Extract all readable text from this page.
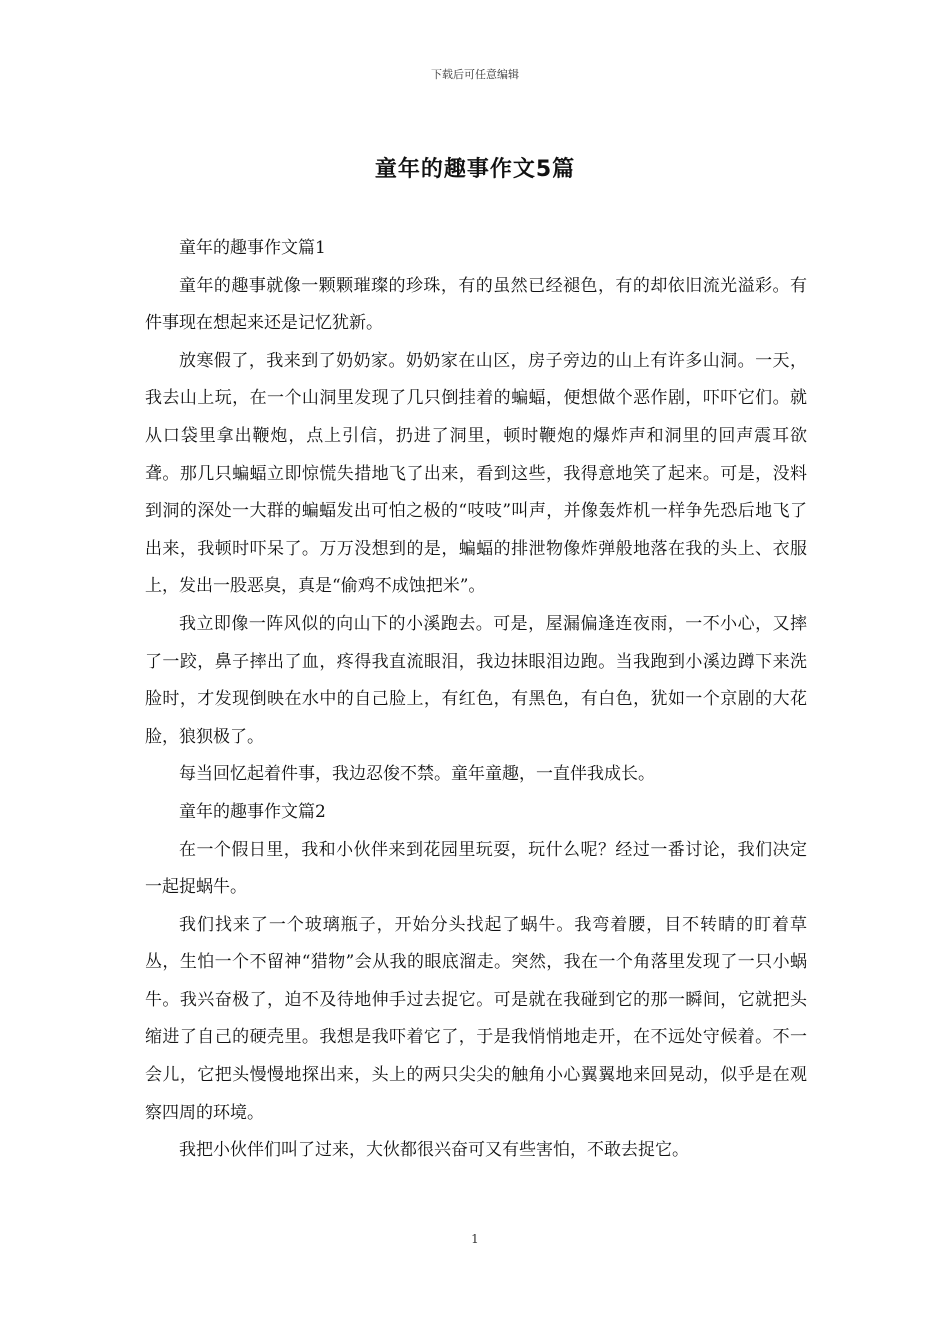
下载后可任意编辑
童年的趣事作文5篇

童年的趣事作文篇1

童年的趣事就像一颗颗璀璨的珍珠，有的虽然已经褪色，有的却依旧流光溢彩。有件事现在想起来还是记忆犹新。

放寒假了，我来到了奶奶家。奶奶家在山区，房子旁边的山上有许多山洞。一天，我去山上玩，在一个山洞里发现了几只倒挂着的蝙蝠，便想做个恶作剧，吓吓它们。就从口袋里拿出鞭炮，点上引信，扔进了洞里，顿时鞭炮的爆炸声和洞里的回声震耳欲聋。那几只蝙蝠立即惊慌失措地飞了出来，看到这些，我得意地笑了起来。可是，没料到洞的深处一大群的蝙蝠发出可怕之极的“吱吱”叫声，并像轰炸机一样争先恐后地飞了出来，我顿时吓呆了。万万没想到的是，蝙蝠的排泄物像炸弹般地落在我的头上、衣服上，发出一股恶臭，真是“偷鸡不成蚀把米”。

我立即像一阵风似的向山下的小溪跑去。可是，屋漏偏逢连夜雨，一不小心，又摔了一跤，鼻子摔出了血，疼得我直流眼泪，我边抹眼泪边跑。当我跑到小溪边蹲下来洗脸时，才发现倒映在水中的自己脸上，有红色，有黑色，有白色，犹如一个京剧的大花脸，狼狈极了。

每当回忆起着件事，我边忍俊不禁。童年童趣，一直伴我成长。

童年的趣事作文篇2

在一个假日里，我和小伙伴来到花园里玩耍，玩什么呢？经过一番讨论，我们决定一起捉蜗牛。

我们找来了一个玻璃瓶子，开始分头找起了蜗牛。我弯着腰，目不转睛的盯着草丛，生怕一个不留神“猎物”会从我的眼底溜走。突然，我在一个角落里发现了一只小蜗牛。我兴奋极了，迫不及待地伸手过去捉它。可是就在我碰到它的那一瞬间，它就把头缩进了自己的硬壳里。我想是我吓着它了，于是我悄悄地走开，在不远处守候着。不一会儿，它把头慢慢地探出来，头上的两只尖尖的触角小心翼翼地来回晃动，似乎是在观察四周的环境。

我把小伙伴们叫了过来，大伙都很兴奋可又有些害怕，不敢去捉它。

1
